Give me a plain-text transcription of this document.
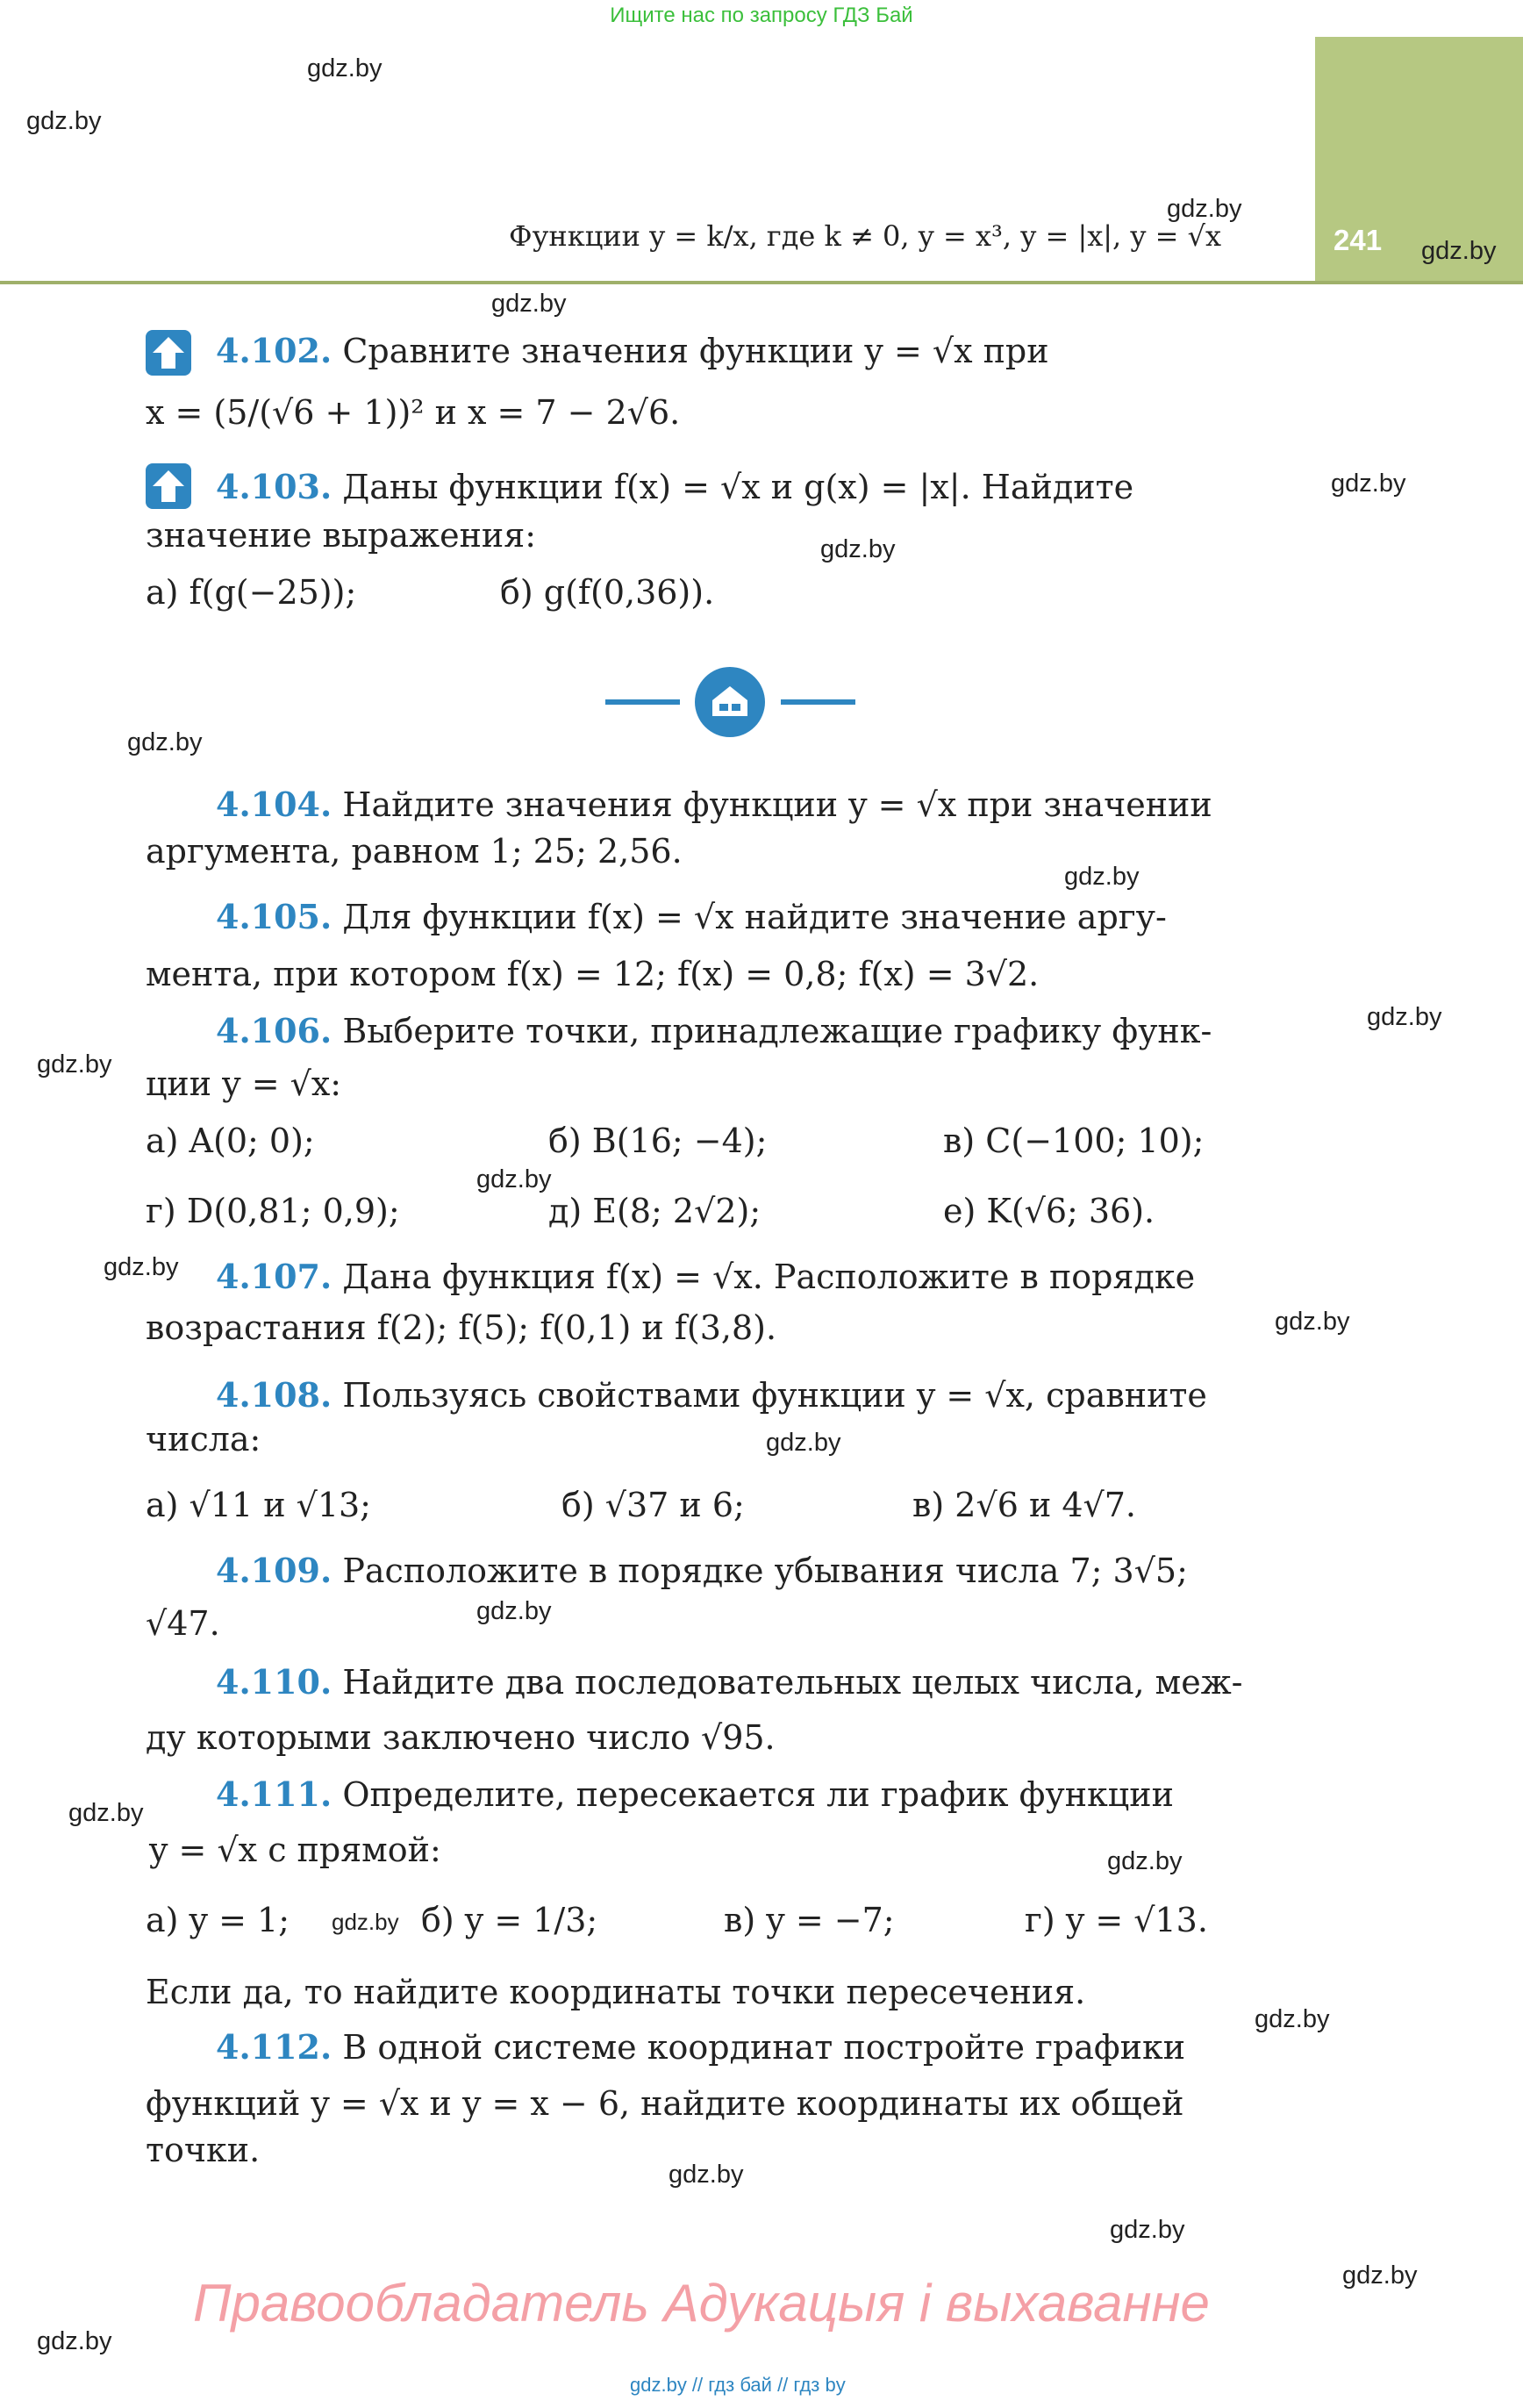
Ищите нас по запросу ГДЗ Бай
241
Функции y = k/x, где k ≠ 0, y = x³, y = |x|, y = √x
gdz.by
gdz.by
gdz.by
gdz.by
gdz.by
gdz.by
gdz.by
gdz.by
gdz.by
gdz.by
gdz.by
gdz.by
gdz.by
gdz.by
gdz.by
gdz.by
gdz.by
gdz.by
gdz.by
gdz.by
gdz.by
gdz.by
gdz.by
gdz.by
4.102. Сравните значения функции y = √x при
x = (5/(√6 + 1))² и x = 7 − 2√6.
4.103. Даны функции f(x) = √x и g(x) = |x|. Найдите
значение выражения:
а) f(g(−25));	б) g(f(0,36)).
4.104. Найдите значения функции y = √x при значении
аргумента, равном 1; 25; 2,56.
4.105. Для функции f(x) = √x найдите значение аргу-
мента, при котором f(x) = 12; f(x) = 0,8; f(x) = 3√2.
4.106. Выберите точки, принадлежащие графику функ-
ции y = √x:
а) A(0; 0);	б) B(16; −4);	в) C(−100; 10);
г) D(0,81; 0,9);	д) E(8; 2√2);	е) K(√6; 36).
4.107. Дана функция f(x) = √x. Расположите в порядке
возрастания f(2); f(5); f(0,1) и f(3,8).
4.108. Пользуясь свойствами функции y = √x, сравните
числа:
а) √11 и √13;	б) √37 и 6;	в) 2√6 и 4√7.
4.109. Расположите в порядке убывания числа 7; 3√5;
√47.
4.110. Найдите два последовательных целых числа, меж-
ду которыми заключено число √95.
4.111. Определите, пересекается ли график функции
y = √x с прямой:
а) y = 1;	б) y = 1/3;	в) y = −7;	г) y = √13.
Если да, то найдите координаты точки пересечения.
4.112. В одной системе координат постройте графики
функций y = √x и y = x − 6, найдите координаты их общей
точки.
Правообладатель Адукацыя і выхаванне
gdz.by // гдз бай // гдз by
